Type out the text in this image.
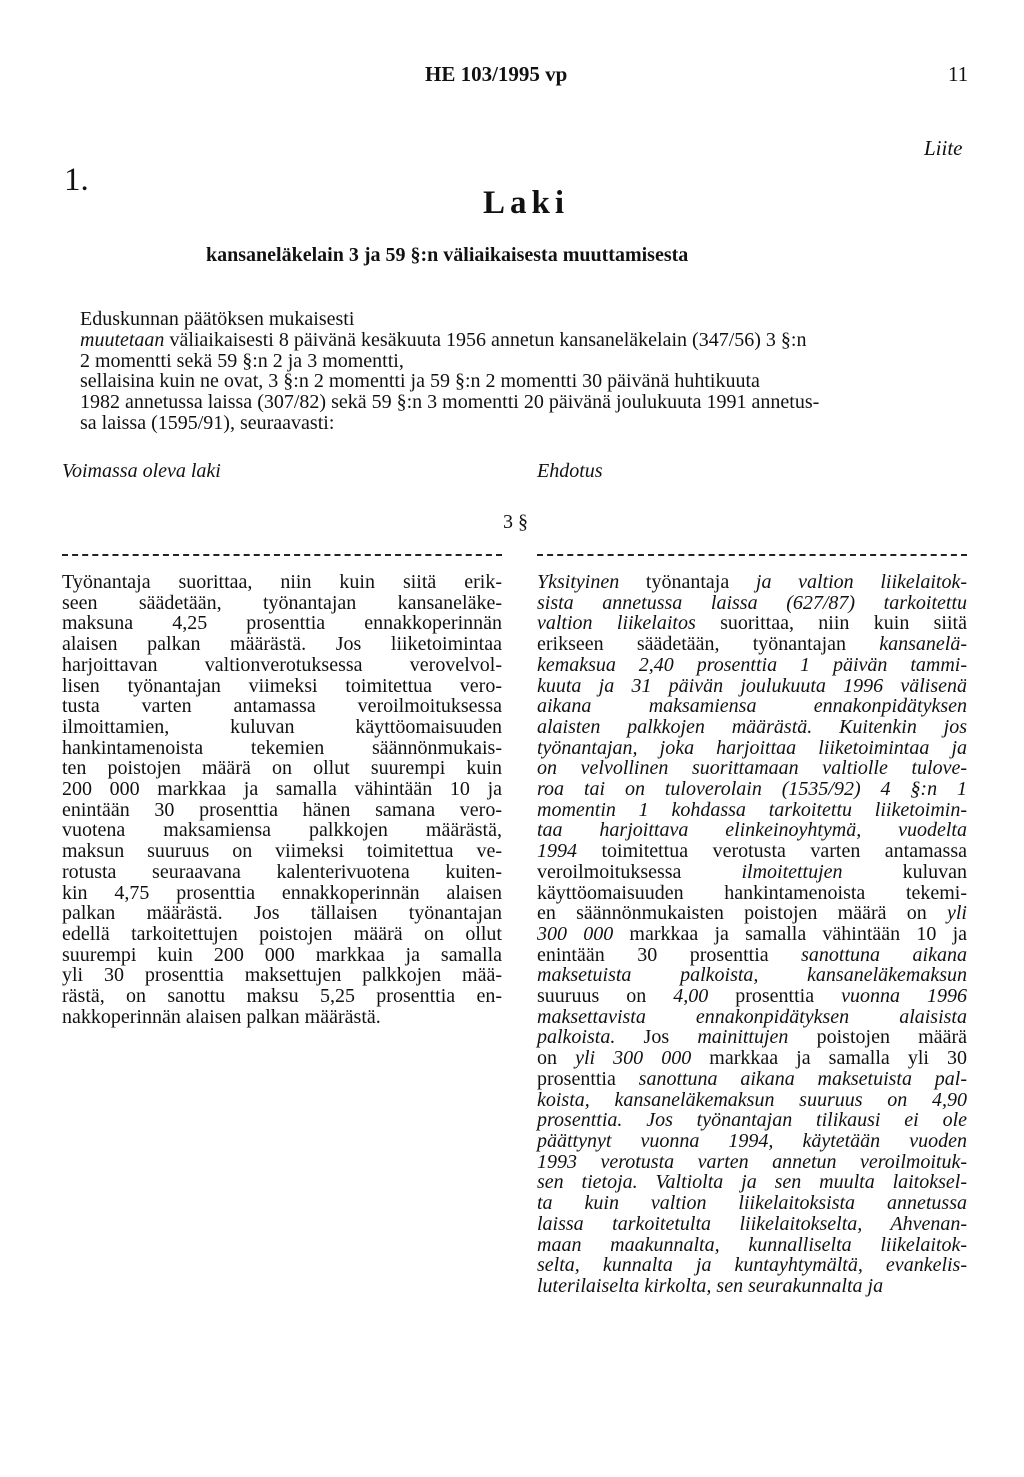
HE 103/1995 vp	11
Liite
1.
Laki
kansaneläkelain 3 ja 59 §:n väliaikaisesta muuttamisesta
Eduskunnan päätöksen mukaisesti
muutetaan väliaikaisesti 8 päivänä kesäkuuta 1956 annetun kansaneläkelain (347/56) 3 §:n
2 momentti sekä 59 §:n 2 ja 3 momentti,
sellaisina kuin ne ovat, 3 §:n 2 momentti ja 59 §:n 2 momentti 30 päivänä huhtikuuta
1982 annetussa laissa (307/82) sekä 59 §:n 3 momentti 20 päivänä joulukuuta 1991 annetus-
sa laissa (1595/91), seuraavasti:
Voimassa oleva laki	Ehdotus
3 §
Työnantaja suorittaa, niin kuin siitä erik-
seen säädetään, työnantajan kansaneläke-
maksuna 4,25 prosenttia ennakkoperinnän
alaisen palkan määrästä. Jos liiketoimintaa
harjoittavan valtionverotuksessa verovelvol-
lisen työnantajan viimeksi toimitettua vero-
tusta varten antamassa veroilmoituksessa
ilmoittamien, kuluvan käyttöomaisuuden
hankintamenoista tekemien säännönmukais-
ten poistojen määrä on ollut suurempi kuin
200 000 markkaa ja samalla vähintään 10 ja
enintään 30 prosenttia hänen samana vero-
vuotena maksamiensa palkkojen määrästä,
maksun suuruus on viimeksi toimitettua ve-
rotusta seuraavana kalenterivuotena kuiten-
kin 4,75 prosenttia ennakkoperinnän alaisen
palkan määrästä. Jos tällaisen työnantajan
edellä tarkoitettujen poistojen määrä on ollut
suurempi kuin 200 000 markkaa ja samalla
yli 30 prosenttia maksettujen palkkojen mää-
rästä, on sanottu maksu 5,25 prosenttia en-
nakkoperinnän alaisen palkan määrästä.
Yksityinen työnantaja ja valtion liikelaitok-
sista annetussa laissa (627/87) tarkoitettu
valtion liikelaitos suorittaa, niin kuin siitä
erikseen säädetään, työnantajan kansanelä-
kemaksua 2,40 prosenttia 1 päivän tammi-
kuuta ja 31 päivän joulukuuta 1996 välisenä
aikana maksamiensa ennakonpidätyksen
alaisten palkkojen määrästä. Kuitenkin jos
työnantajan, joka harjoittaa liiketoimintaa ja
on velvollinen suorittamaan valtiolle tulove-
roa tai on tuloverolain (1535/92) 4 §:n 1
momentin 1 kohdassa tarkoitettu liiketoimin-
taa harjoittava elinkeinoyhtymä, vuodelta
1994 toimitettua verotusta varten antamassa
veroilmoituksessa ilmoitettujen kuluvan
käyttöomaisuuden hankintamenoista tekemi-
en säännönmukaisten poistojen määrä on yli
300 000 markkaa ja samalla vähintään 10 ja
enintään 30 prosenttia sanottuna aikana
maksetuista palkoista, kansaneläkemaksun
suuruus on 4,00 prosenttia vuonna 1996
maksettavista ennakonpidätyksen alaisista
palkoista. Jos mainittujen poistojen määrä
on yli 300 000 markkaa ja samalla yli 30
prosenttia sanottuna aikana maksetuista pal-
koista, kansaneläkemaksun suuruus on 4,90
prosenttia. Jos työnantajan tilikausi ei ole
päättynyt vuonna 1994, käytetään vuoden
1993 verotusta varten annetun veroilmoituk-
sen tietoja. Valtiolta ja sen muulta laitoksel-
ta kuin valtion liikelaitoksista annetussa
laissa tarkoitetulta liikelaitokselta, Ahvenan-
maan maakunnalta, kunnalliselta liikelaitok-
selta, kunnalta ja kuntayhtymältä, evankelis-
luterilaiselta kirkolta, sen seurakunnalta ja
